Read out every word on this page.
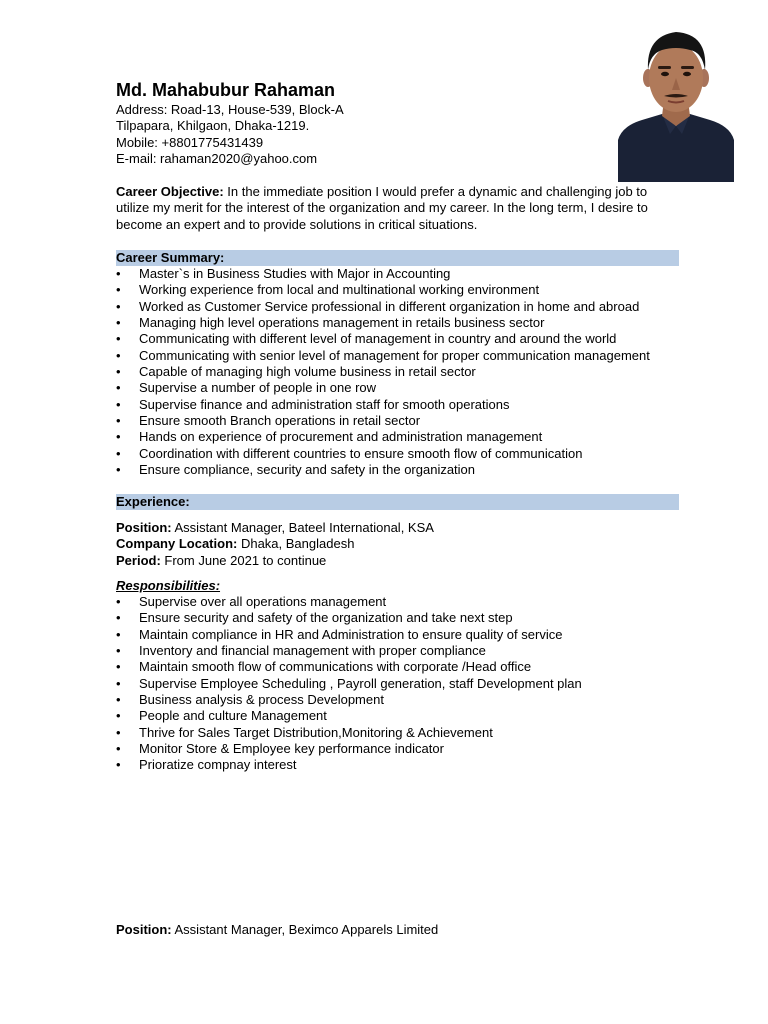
Md. Mahabubur Rahaman
Address: Road-13, House-539, Block-A
Tilpapara, Khilgaon, Dhaka-1219.
Mobile: +8801775431439
E-mail: rahaman2020@yahoo.com
Career Objective: In the immediate position I would prefer a dynamic and challenging job to utilize my merit for the interest of the organization and my career. In the long term, I desire to become an expert and to provide solutions in critical situations.
Career Summary:
•	Master`s in Business Studies with Major in Accounting
•	Working experience from local and multinational working environment
•	Worked as Customer Service professional in different organization in home and abroad
•	Managing high level operations management in retails business sector
•	Communicating with different level of management in country and around the world
•	Communicating with senior level of management for proper communication management
•	Capable of managing high volume business in retail sector
•	Supervise a number of people in one row
•	Supervise finance and administration staff for smooth operations
•	Ensure smooth Branch operations in retail sector
•	Hands on experience of procurement and administration management
•	Coordination with different countries to ensure smooth flow of communication
•	Ensure compliance, security and safety in the organization
Experience:
Position: Assistant Manager, Bateel International, KSA
Company Location: Dhaka, Bangladesh
Period: From June 2021 to continue
Responsibilities:
•	Supervise over all operations management
•	Ensure security and safety of the organization and take next step
•	Maintain compliance in HR and Administration to ensure quality of service
•	Inventory and financial management with proper compliance
•	Maintain smooth flow of communications with corporate /Head office
•	Supervise Employee Scheduling , Payroll generation, staff Development plan
•	Business analysis & process Development
•	People and culture Management
•	Thrive for Sales Target Distribution,Monitoring & Achievement
•	Monitor Store & Employee key performance indicator
•	Prioratize compnay interest
Position: Assistant Manager, Beximco Apparels Limited
